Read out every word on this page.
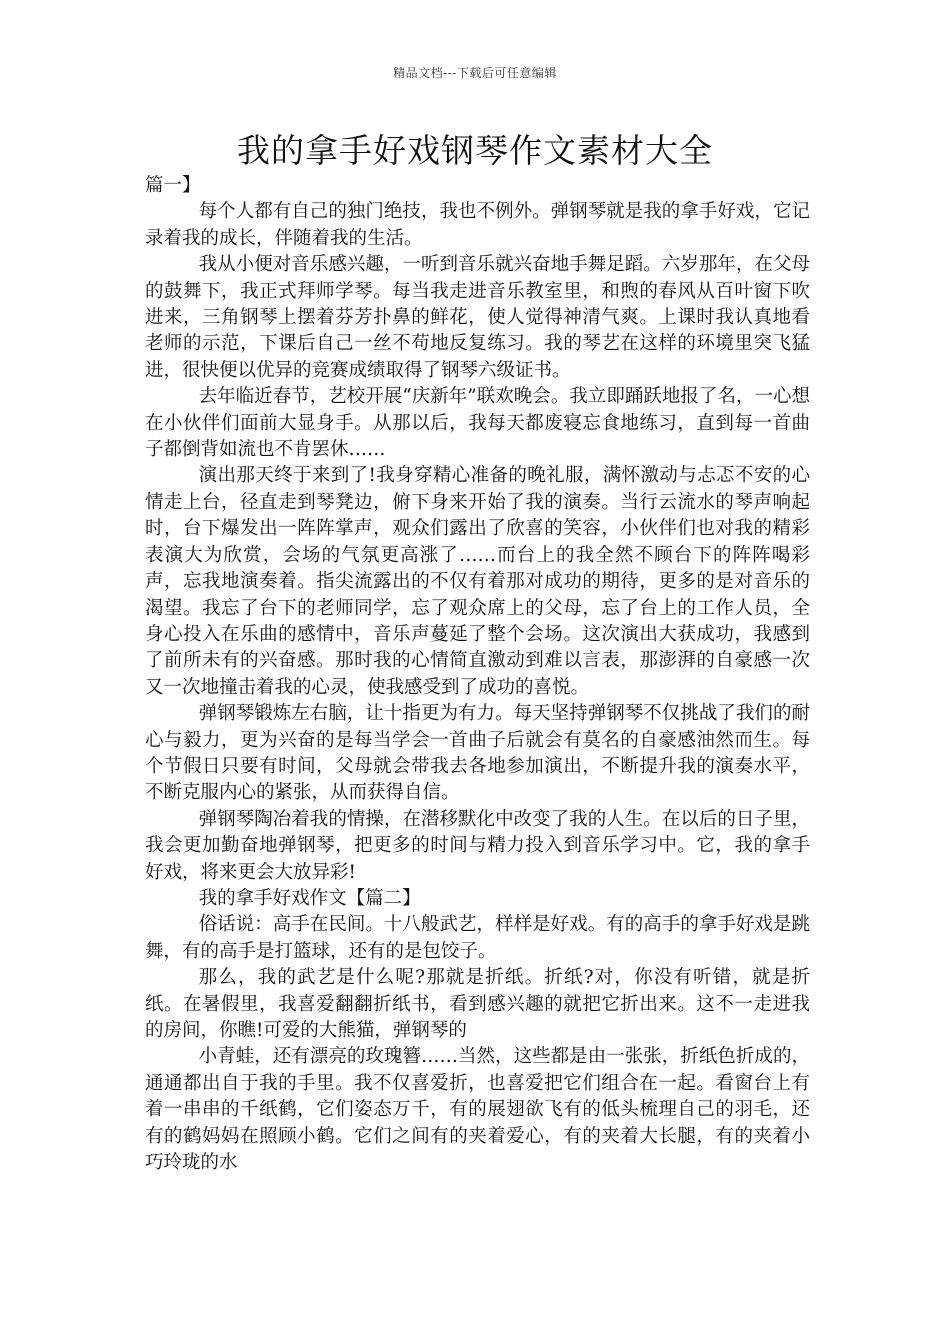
精品文档---下载后可任意编辑
我的拿手好戏钢琴作文素材大全

篇一】

每个人都有自己的独门绝技，我也不例外。弹钢琴就是我的拿手好戏，它记录着我的成长，伴随着我的生活。

我从小便对音乐感兴趣，一听到音乐就兴奋地手舞足蹈。六岁那年，在父母的鼓舞下，我正式拜师学琴。每当我走进音乐教室里，和煦的春风从百叶窗下吹进来，三角钢琴上摆着芬芳扑鼻的鲜花，使人觉得神清气爽。上课时我认真地看老师的示范，下课后自己一丝不苟地反复练习。我的琴艺在这样的环境里突飞猛进，很快便以优异的竞赛成绩取得了钢琴六级证书。

去年临近春节，艺校开展“庆新年”联欢晚会。我立即踊跃地报了名，一心想在小伙伴们面前大显身手。从那以后，我每天都废寝忘食地练习，直到每一首曲子都倒背如流也不肯罢休……

演出那天终于来到了!我身穿精心准备的晚礼服，满怀激动与忐忑不安的心情走上台，径直走到琴凳边，俯下身来开始了我的演奏。当行云流水的琴声响起时，台下爆发出一阵阵掌声，观众们露出了欣喜的笑容，小伙伴们也对我的精彩表演大为欣赏，会场的气氛更高涨了……而台上的我全然不顾台下的阵阵喝彩声，忘我地演奏着。指尖流露出的不仅有着那对成功的期待，更多的是对音乐的渴望。我忘了台下的老师同学，忘了观众席上的父母，忘了台上的工作人员，全身心投入在乐曲的感情中，音乐声蔓延了整个会场。这次演出大获成功，我感到了前所未有的兴奋感。那时我的心情简直激动到难以言表，那澎湃的自豪感一次又一次地撞击着我的心灵，使我感受到了成功的喜悦。

弹钢琴锻炼左右脑，让十指更为有力。每天坚持弹钢琴不仅挑战了我们的耐心与毅力，更为兴奋的是每当学会一首曲子后就会有莫名的自豪感油然而生。每个节假日只要有时间，父母就会带我去各地参加演出，不断提升我的演奏水平，不断克服内心的紧张，从而获得自信。

弹钢琴陶冶着我的情操，在潜移默化中改变了我的人生。在以后的日子里，我会更加勤奋地弹钢琴，把更多的时间与精力投入到音乐学习中。它，我的拿手好戏，将来更会大放异彩!

我的拿手好戏作文【篇二】

俗话说：高手在民间。十八般武艺，样样是好戏。有的高手的拿手好戏是跳舞，有的高手是打篮球，还有的是包饺子。

那么，我的武艺是什么呢?那就是折纸。折纸?对，你没有听错，就是折纸。在暑假里，我喜爱翻翻折纸书，看到感兴趣的就把它折出来。这不一走进我的房间，你瞧!可爱的大熊猫，弹钢琴的

小青蛙，还有漂亮的玫瑰簪……当然，这些都是由一张张，折纸色折成的，通通都出自于我的手里。我不仅喜爱折，也喜爱把它们组合在一起。看窗台上有着一串串的千纸鹤，它们姿态万千，有的展翅欲飞有的低头梳理自己的羽毛，还有的鹤妈妈在照顾小鹤。它们之间有的夹着爱心，有的夹着大长腿，有的夹着小巧玲珑的水
